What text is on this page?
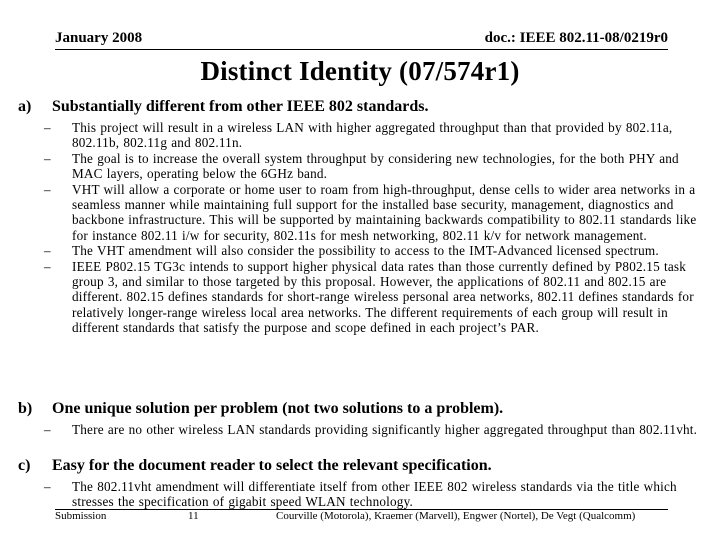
January 2008	doc.: IEEE 802.11-08/0219r0
Distinct Identity (07/574r1)
a) Substantially different from other IEEE 802 standards.
– This project will result in a wireless LAN with higher aggregated throughput than that provided by 802.11a, 802.11b, 802.11g and 802.11n.
– The goal is to increase the overall system throughput by considering new technologies, for the both PHY and MAC layers, operating below the 6GHz band.
– VHT will allow a corporate or home user to roam from high-throughput, dense cells to wider area networks in a seamless manner while maintaining full support for the installed base security, management, diagnostics and backbone infrastructure. This will be supported by maintaining backwards compatibility to 802.11 standards like for instance 802.11 i/w for security, 802.11s for mesh networking, 802.11 k/v for network management.
– The VHT amendment will also consider the possibility to access to the IMT-Advanced licensed spectrum.
– IEEE P802.15 TG3c intends to support higher physical data rates than those currently defined by P802.15 task group 3, and similar to those targeted by this proposal. However, the applications of 802.11 and 802.15 are different. 802.15 defines standards for short-range wireless personal area networks, 802.11 defines standards for relatively longer-range wireless local area networks. The different requirements of each group will result in different standards that satisfy the purpose and scope defined in each project’s PAR.
b) One unique solution per problem (not two solutions to a problem).
– There are no other wireless LAN standards providing significantly higher aggregated throughput than 802.11vht.
c) Easy for the document reader to select the relevant specification.
– The 802.11vht amendment will differentiate itself from other IEEE 802 wireless standards via the title which stresses the specification of gigabit speed WLAN technology.
Submission	11	Courville (Motorola), Kraemer (Marvell), Engwer (Nortel), De Vegt (Qualcomm)
